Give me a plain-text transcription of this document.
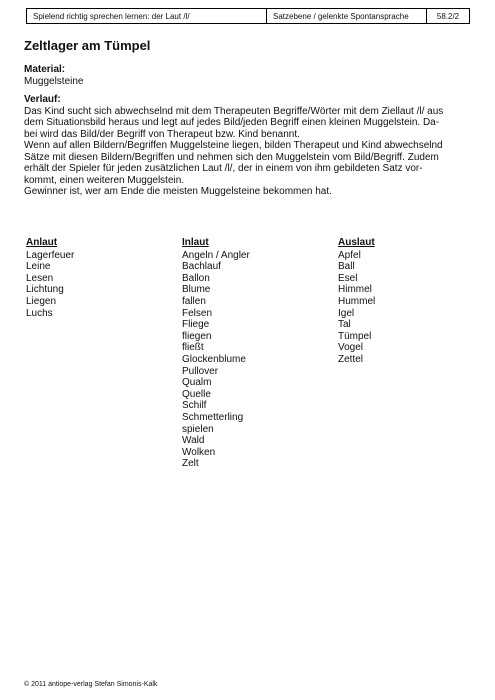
Spielend richtig sprechen lernen: der Laut /l/	Satzebene / gelenkte Spontansprache	58.2/2
Zeltlager am Tümpel
Material:
Muggelsteine
Verlauf:
Das Kind sucht sich abwechselnd mit dem Therapeuten Begriffe/Wörter mit dem Ziellaut /l/ aus
dem Situationsbild heraus und legt auf jedes Bild/jeden Begriff einen kleinen Muggelstein. Da-
bei wird das Bild/der Begriff von Therapeut bzw. Kind benannt.
Wenn auf allen Bildern/Begriffen Muggelsteine liegen, bilden Therapeut und Kind abwechselnd
Sätze mit diesen Bildern/Begriffen und nehmen sich den Muggelstein vom Bild/Begriff. Zudem
erhält der Spieler für jeden zusätzlichen Laut /l/, der in einem von ihm gebildeten Satz vor-
kommt, einen weiteren Muggelstein.
Gewinner ist, wer am Ende die meisten Muggelsteine bekommen hat.
Anlaut
Lagerfeuer
Leine
Lesen
Lichtung
Liegen
Luchs
Inlaut
Angeln / Angler
Bachlauf
Ballon
Blume
fallen
Felsen
Fliege
fliegen
fließt
Glockenblume
Pullover
Qualm
Quelle
Schilf
Schmetterling
spielen
Wald
Wolken
Zelt
Auslaut
Apfel
Ball
Esel
Himmel
Hummel
Igel
Tal
Tümpel
Vogel
Zettel
© 2011 antiope-verlag Stefan Simonis-Kalk
